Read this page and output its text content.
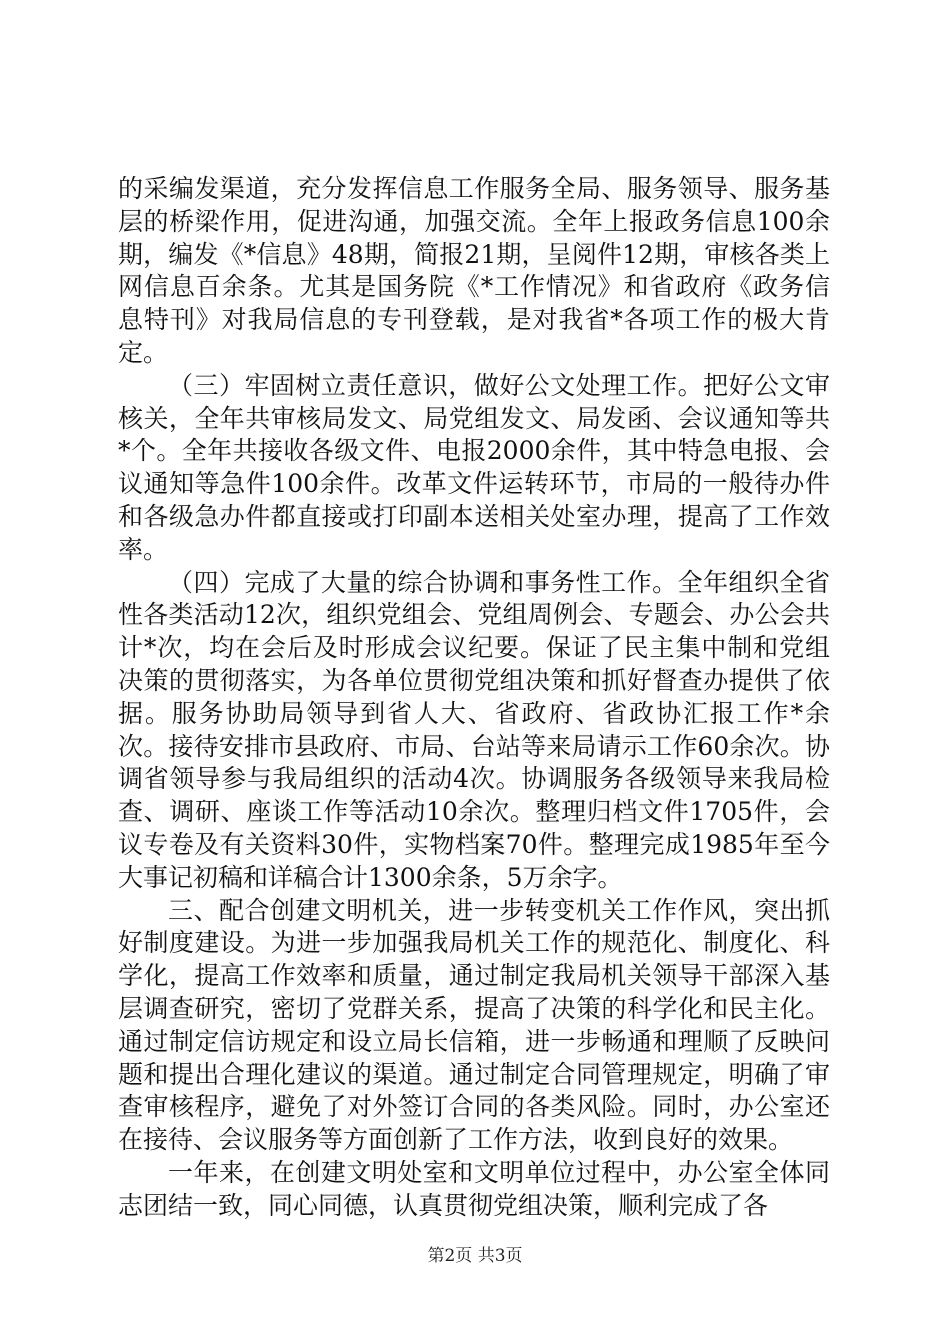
的采编发渠道，充分发挥信息工作服务全局、服务领导、服务基层的桥梁作用，促进沟通，加强交流。全年上报政务信息100余期，编发《*信息》48期，简报21期，呈阅件12期，审核各类上网信息百余条。尤其是国务院《*工作情况》和省政府《政务信息特刊》对我局信息的专刊登载，是对我省*各项工作的极大肯定。

（三）牢固树立责任意识，做好公文处理工作。把好公文审核关，全年共审核局发文、局党组发文、局发函、会议通知等共*个。全年共接收各级文件、电报2000余件，其中特急电报、会议通知等急件100余件。改革文件运转环节，市局的一般待办件和各级急办件都直接或打印副本送相关处室办理，提高了工作效率。

（四）完成了大量的综合协调和事务性工作。全年组织全省性各类活动12次，组织党组会、党组周例会、专题会、办公会共计*次，均在会后及时形成会议纪要。保证了民主集中制和党组决策的贯彻落实，为各单位贯彻党组决策和抓好督查办提供了依据。服务协助局领导到省人大、省政府、省政协汇报工作*余次。接待安排市县政府、市局、台站等来局请示工作60余次。协调省领导参与我局组织的活动4次。协调服务各级领导来我局检查、调研、座谈工作等活动10余次。整理归档文件1705件，会议专卷及有关资料30件，实物档案70件。整理完成1985年至今大事记初稿和详稿合计1300余条，5万余字。

三、配合创建文明机关，进一步转变机关工作作风，突出抓好制度建设。为进一步加强我局机关工作的规范化、制度化、科学化，提高工作效率和质量，通过制定我局机关领导干部深入基层调查研究，密切了党群关系，提高了决策的科学化和民主化。通过制定信访规定和设立局长信箱，进一步畅通和理顺了反映问题和提出合理化建议的渠道。通过制定合同管理规定，明确了审查审核程序，避免了对外签订合同的各类风险。同时，办公室还在接待、会议服务等方面创新了工作方法，收到良好的效果。

一年来，在创建文明处室和文明单位过程中，办公室全体同志团结一致，同心同德，认真贯彻党组决策，顺利完成了各

第2页 共3页
